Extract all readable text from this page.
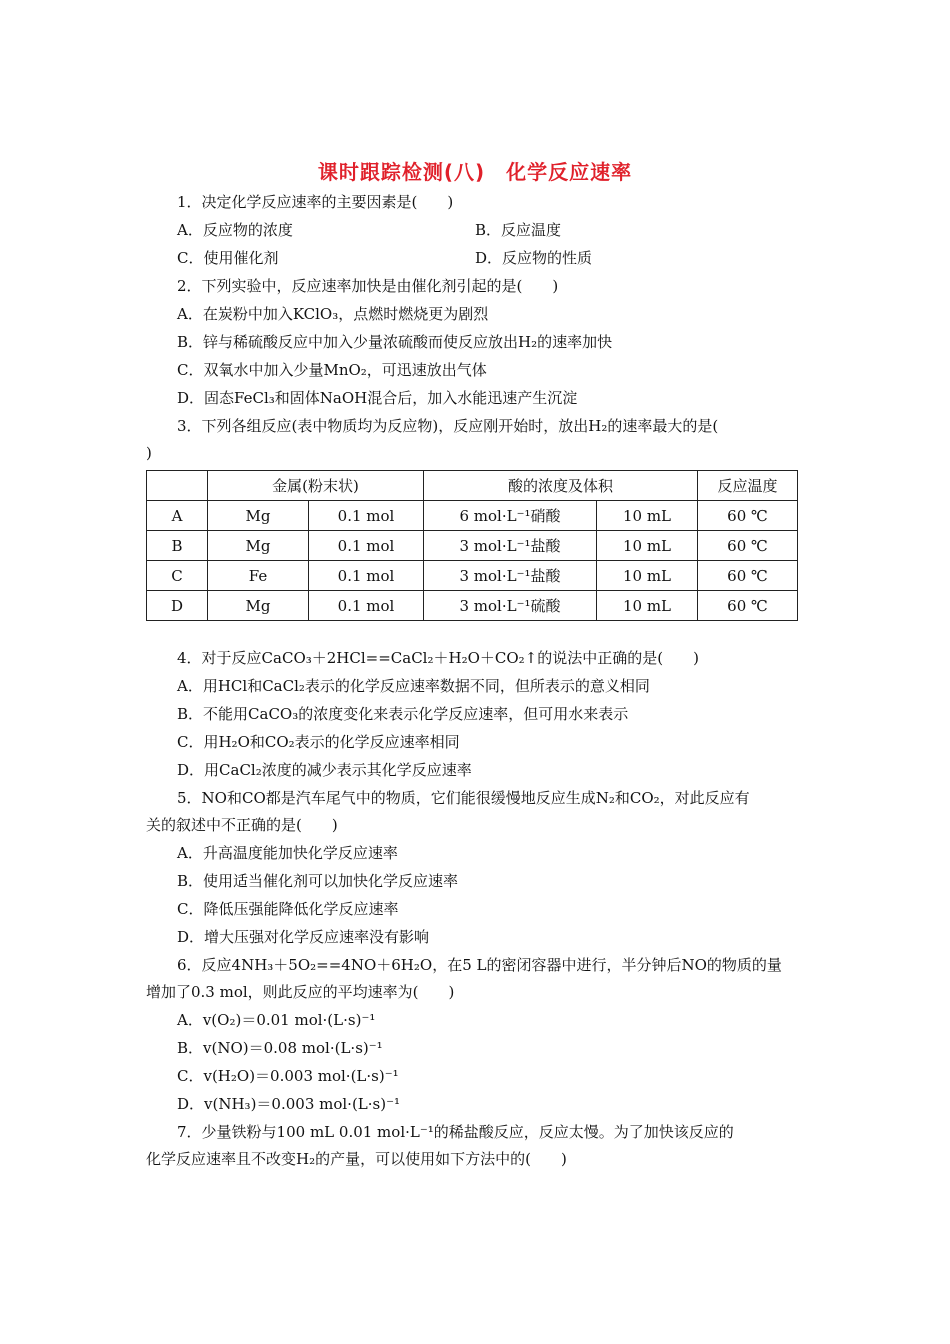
课时跟踪检测(八)　化学反应速率
1．决定化学反应速率的主要因素是(　　)
A．反应物的浓度	B．反应温度
C．使用催化剂	D．反应物的性质
2．下列实验中，反应速率加快是由催化剂引起的是(　　)
A．在炭粉中加入KClO₃，点燃时燃烧更为剧烈
B．锌与稀硫酸反应中加入少量浓硫酸而使反应放出H₂的速率加快
C．双氧水中加入少量MnO₂，可迅速放出气体
D．固态FeCl₃和固体NaOH混合后，加入水能迅速产生沉淀
3．下列各组反应(表中物质均为反应物)，反应刚开始时，放出H₂的速率最大的是(
)
	金属(粉末状)		酸的浓度及体积		反应温度
A	Mg	0.1 mol	6 mol·L⁻¹硝酸	10 mL	60 ℃
B	Mg	0.1 mol	3 mol·L⁻¹盐酸	10 mL	60 ℃
C	Fe	0.1 mol	3 mol·L⁻¹盐酸	10 mL	60 ℃
D	Mg	0.1 mol	3 mol·L⁻¹硫酸	10 mL	60 ℃
4．对于反应CaCO₃＋2HCl==CaCl₂＋H₂O＋CO₂↑的说法中正确的是(　　)
A．用HCl和CaCl₂表示的化学反应速率数据不同，但所表示的意义相同
B．不能用CaCO₃的浓度变化来表示化学反应速率，但可用水来表示
C．用H₂O和CO₂表示的化学反应速率相同
D．用CaCl₂浓度的减少表示其化学反应速率
5．NO和CO都是汽车尾气中的物质，它们能很缓慢地反应生成N₂和CO₂，对此反应有
关的叙述中不正确的是(　　)
A．升高温度能加快化学反应速率
B．使用适当催化剂可以加快化学反应速率
C．降低压强能降低化学反应速率
D．增大压强对化学反应速率没有影响
6．反应4NH₃＋5O₂==4NO＋6H₂O，在5 L的密闭容器中进行，半分钟后NO的物质的量
增加了0.3 mol，则此反应的平均速率为(　　)
A．v(O₂)＝0.01 mol·(L·s)⁻¹
B．v(NO)＝0.08 mol·(L·s)⁻¹
C．v(H₂O)＝0.003 mol·(L·s)⁻¹
D．v(NH₃)＝0.003 mol·(L·s)⁻¹
7．少量铁粉与100 mL 0.01 mol·L⁻¹的稀盐酸反应，反应太慢。为了加快该反应的
化学反应速率且不改变H₂的产量，可以使用如下方法中的(　　)
